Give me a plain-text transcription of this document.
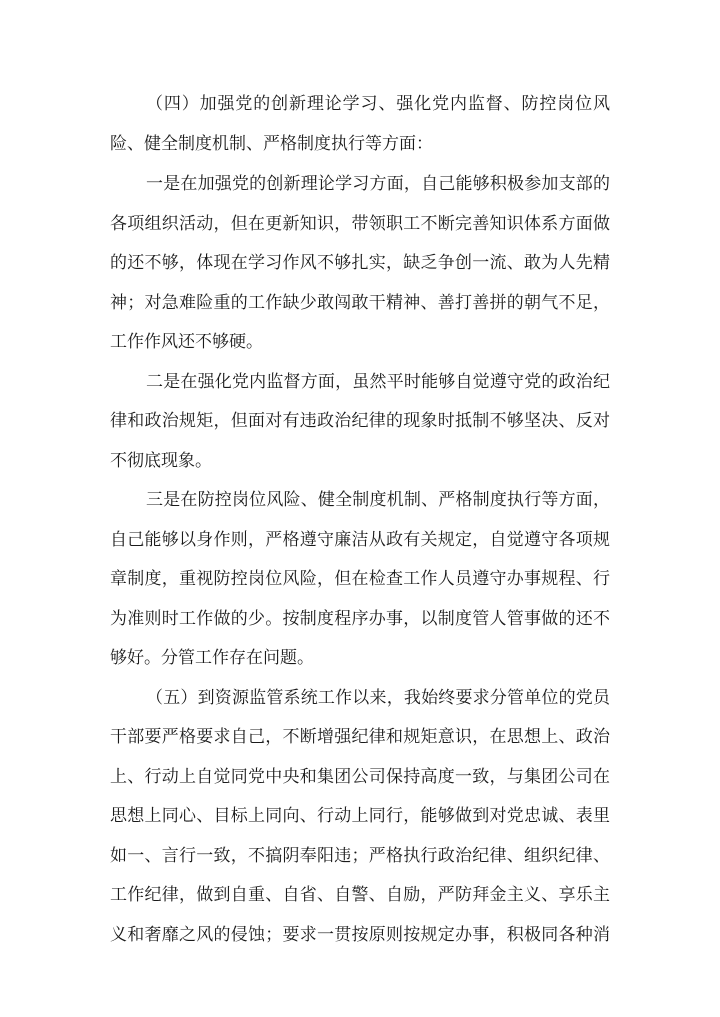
（四）加强党的创新理论学习、强化党内监督、防控岗位风
险、健全制度机制、严格制度执行等方面：
一是在加强党的创新理论学习方面，自己能够积极参加支部的
各项组织活动，但在更新知识，带领职工不断完善知识体系方面做
的还不够，体现在学习作风不够扎实，缺乏争创一流、敢为人先精
神；对急难险重的工作缺少敢闯敢干精神、善打善拼的朝气不足，
工作作风还不够硬。
二是在强化党内监督方面，虽然平时能够自觉遵守党的政治纪
律和政治规矩，但面对有违政治纪律的现象时抵制不够坚决、反对
不彻底现象。
三是在防控岗位风险、健全制度机制、严格制度执行等方面，
自己能够以身作则，严格遵守廉洁从政有关规定，自觉遵守各项规
章制度，重视防控岗位风险，但在检查工作人员遵守办事规程、行
为准则时工作做的少。按制度程序办事，以制度管人管事做的还不
够好。分管工作存在问题。
（五）到资源监管系统工作以来，我始终要求分管单位的党员
干部要严格要求自己，不断增强纪律和规矩意识，在思想上、政治
上、行动上自觉同党中央和集团公司保持高度一致，与集团公司在
思想上同心、目标上同向、行动上同行，能够做到对党忠诚、表里
如一、言行一致，不搞阴奉阳违；严格执行政治纪律、组织纪律、
工作纪律，做到自重、自省、自警、自励，严防拜金主义、享乐主
义和奢靡之风的侵蚀；要求一贯按原则按规定办事，积极同各种消
